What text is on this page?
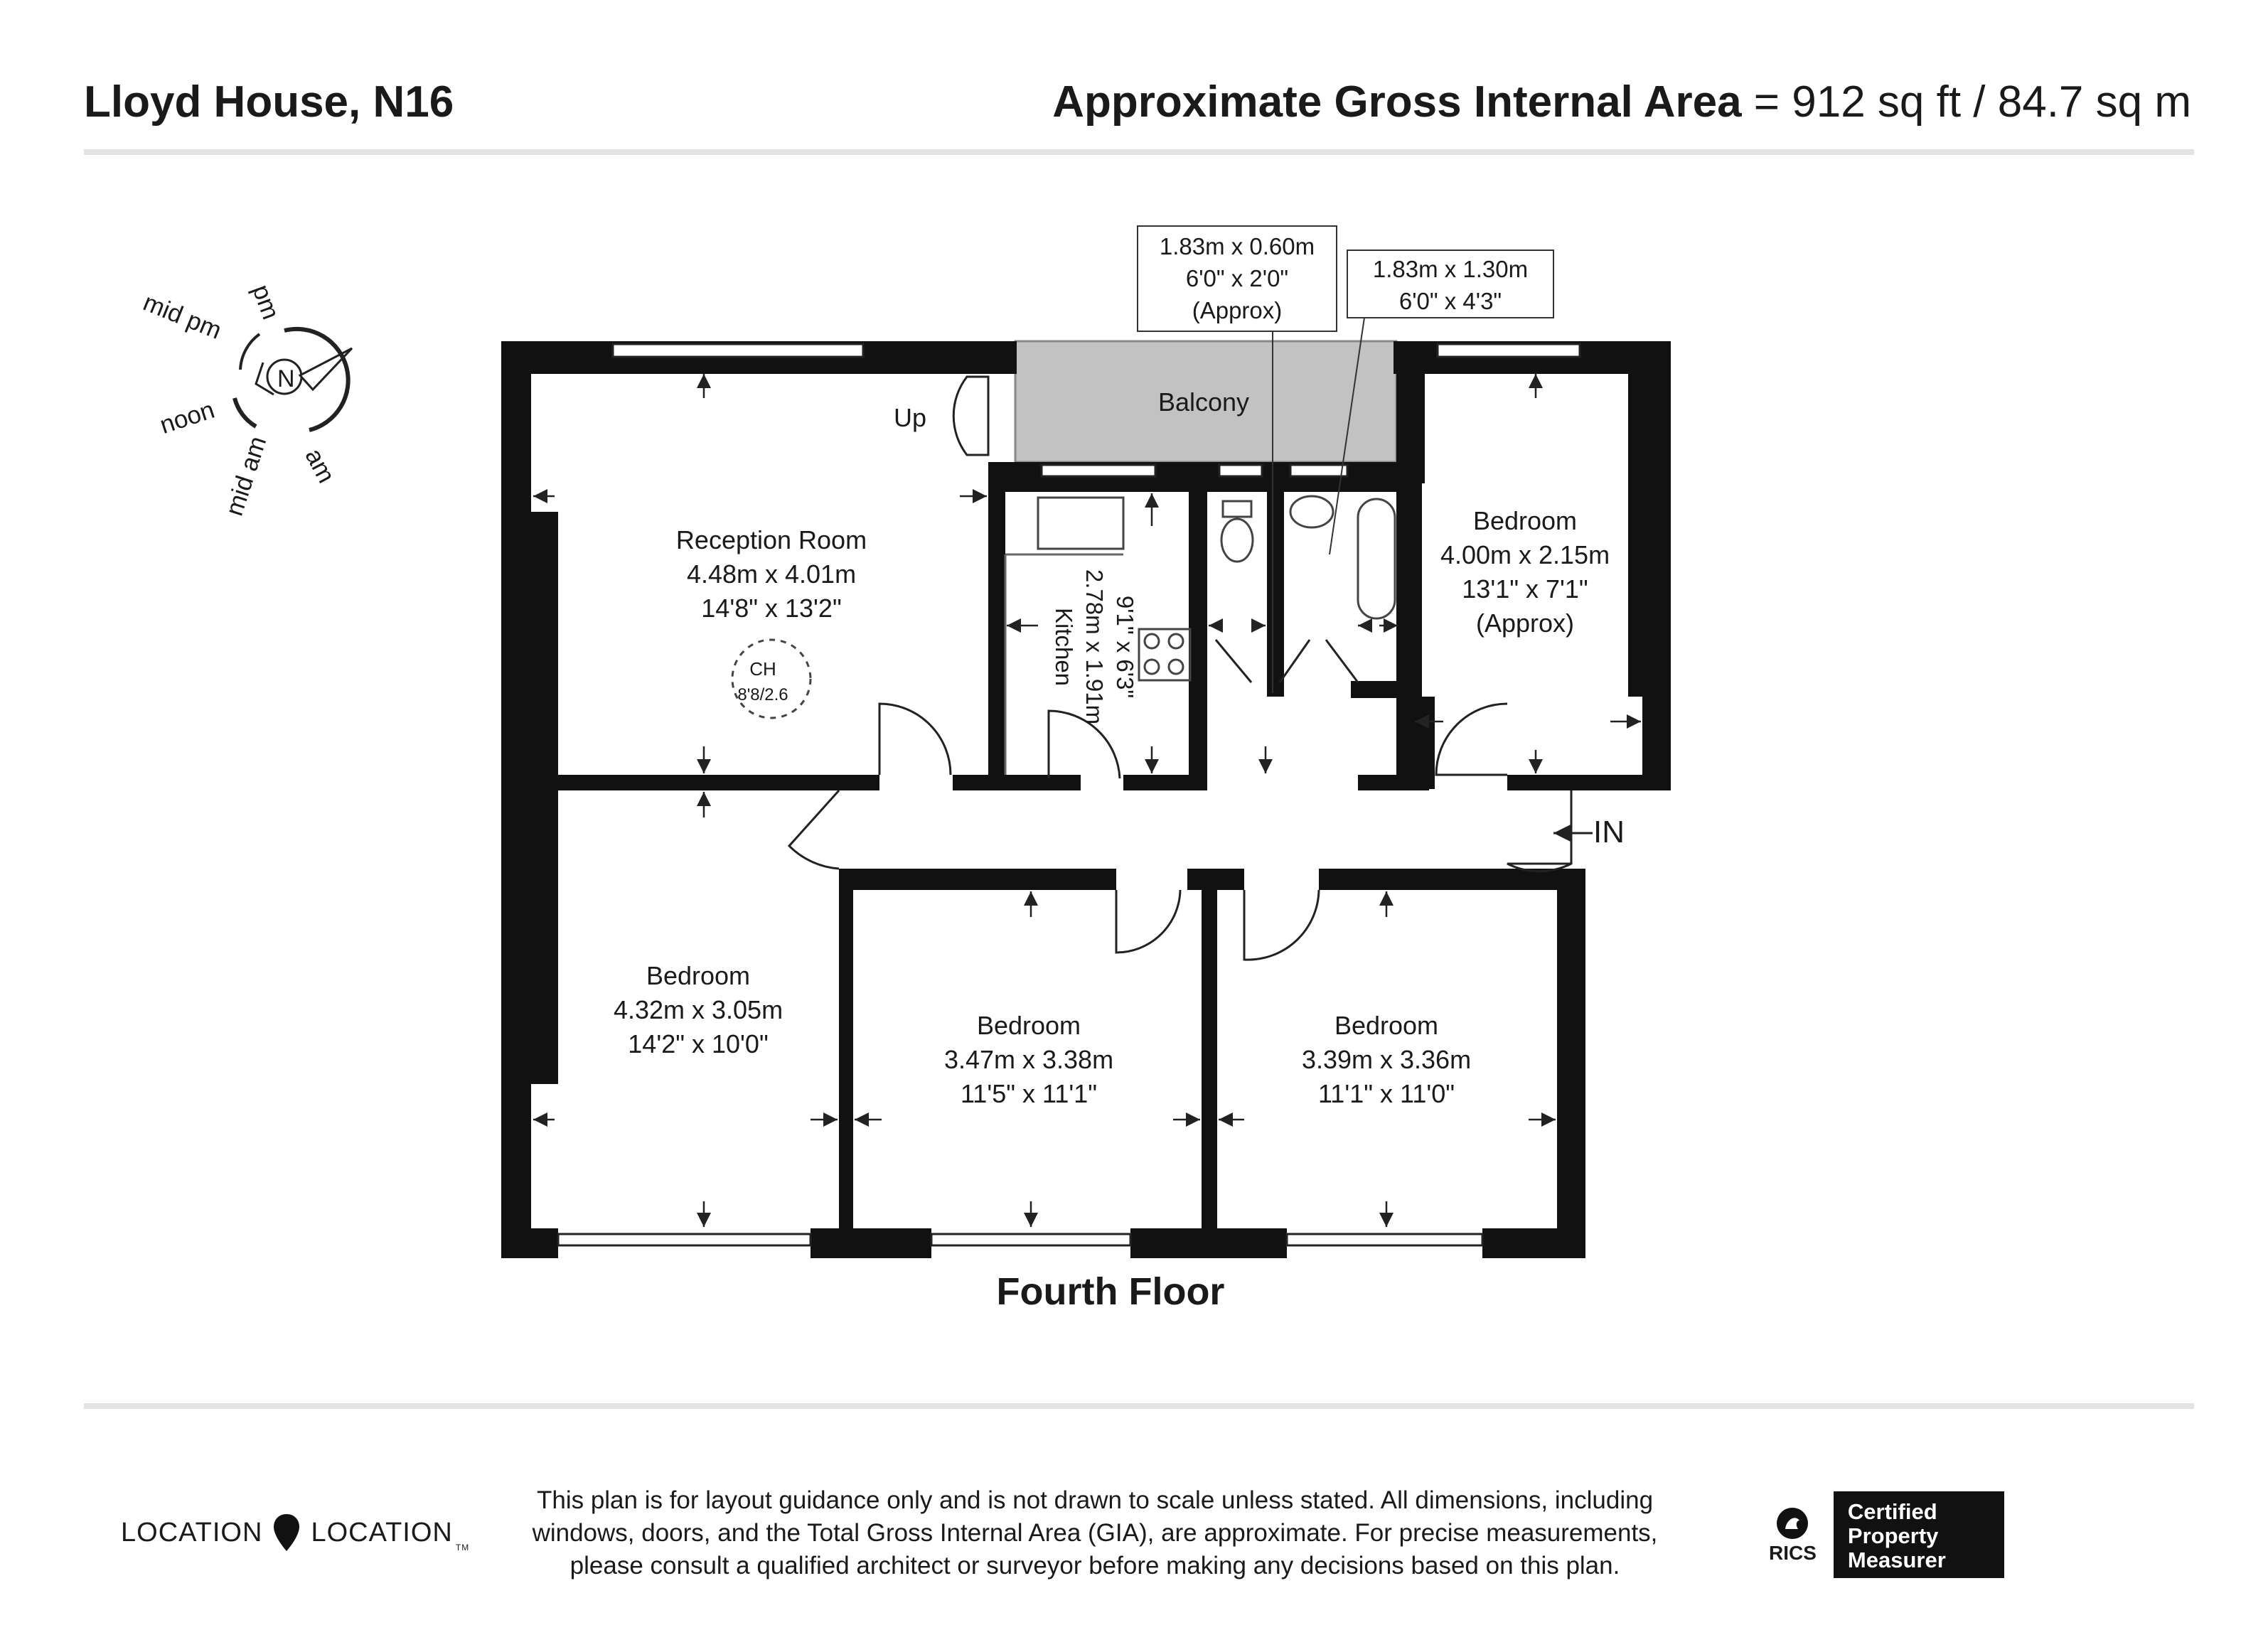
Lloyd House, N16	Approximate Gross Internal Area = 912 sq ft / 84.7 sq m
N
pm
mid pm
noon
mid am am
Reception Room
4.48m x 4.01m
14'8" x 13'2"
CH
8'8/2.6
Balcony
Bedroom
4.00m x 2.15m
13'1" x 7'1"
(Approx)
Bedroom
4.32m x 3.05m
14'2" x 10'0"
Bedroom
3.47m x 3.38m
11'5" x 11'1"
Bedroom
3.39m x 3.36m
11'1" x 11'0"
1.83m x 0.60m
6'0" x 2'0"
(Approx)
1.83m x 1.30m
6'0" x 4'3"
Up
IN
Fourth Floor
Kitchen 2.78m x 1.91m 9'1" x 6'3"
LOCATION LOCATION
TM
This plan is for layout guidance only and is not drawn to scale unless stated. All dimensions, including windows, doors, and the Total Gross Internal Area (GIA), are approximate. For precise measurements, please consult a qualified architect or surveyor before making any decisions based on this plan.	RICS
Certified
Property
Measurer
